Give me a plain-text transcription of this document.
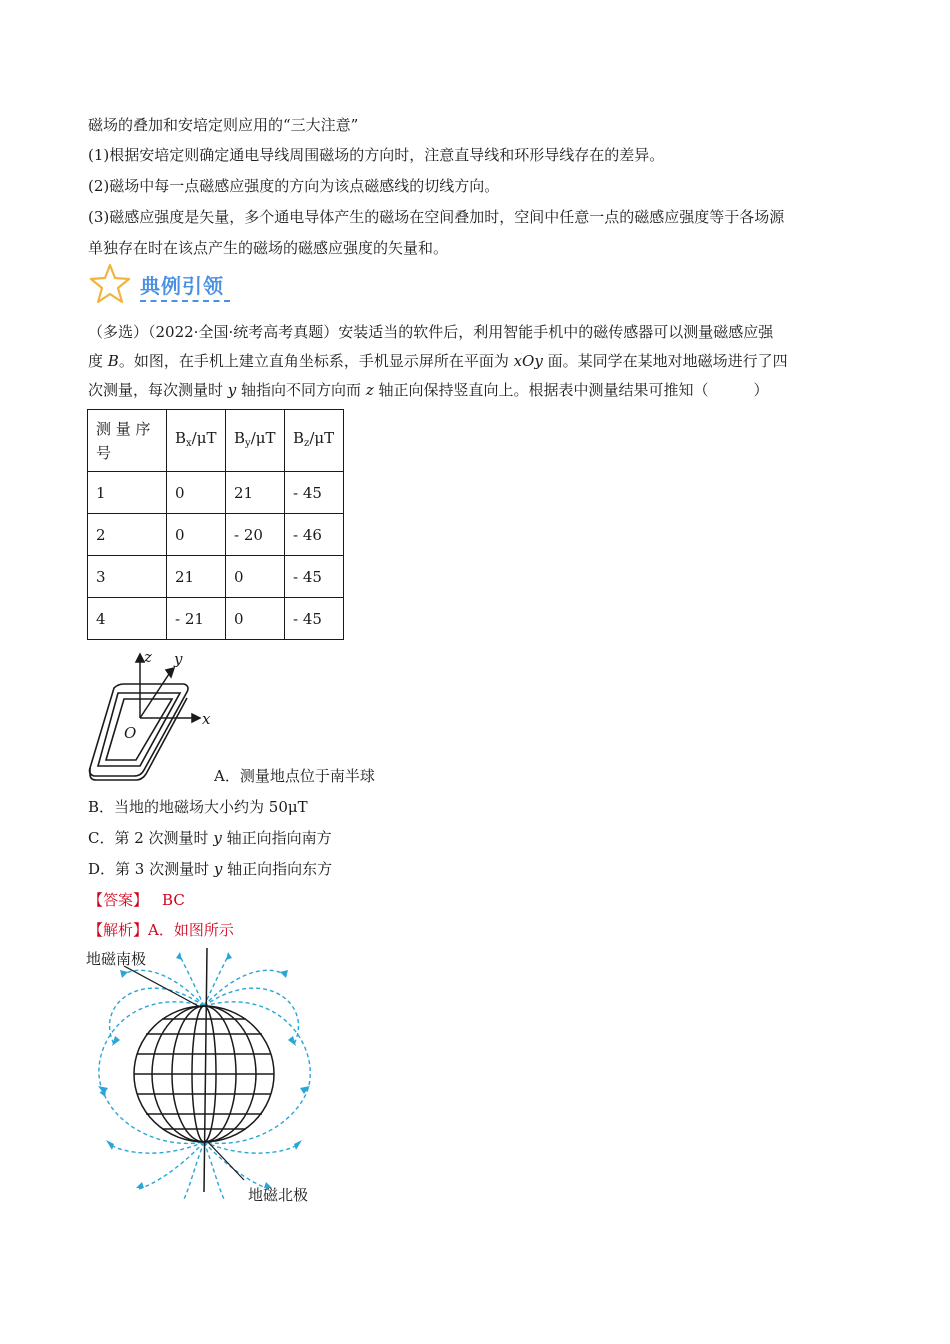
磁场的叠加和安培定则应用的“三大注意”
(1)根据安培定则确定通电导线周围磁场的方向时，注意直导线和环形导线存在的差异。
(2)磁场中每一点磁感应强度的方向为该点磁感线的切线方向。
(3)磁感应强度是矢量，多个通电导体产生的磁场在空间叠加时，空间中任意一点的磁感应强度等于各场源
单独存在时在该点产生的磁场的磁感应强度的矢量和。
典例引领
（多选）（2022·全国·统考高考真题）安装适当的软件后，利用智能手机中的磁传感器可以测量磁感应强
度 B。如图，在手机上建立直角坐标系，手机显示屏所在平面为 xOy 面。某同学在某地对地磁场进行了四
次测量，每次测量时 y 轴指向不同方向而 z 轴正向保持竖直向上。根据表中测量结果可推知（　　　）
测 量 序 号	$B_x/\mu T$	$B_y/\mu T$	$B_z/\mu T$
1	0	21	- 45
2	0	- 20	- 46
3	21	0	- 45
4	- 21	0	- 45
z y
x
O
A．测量地点位于南半球
B．当地的地磁场大小约为 50μT
C．第 2 次测量时 y 轴正向指向南方
D．第 3 次测量时 y 轴正向指向东方
【答案】 BC
【解析】A．如图所示
地磁南极
地磁北极
